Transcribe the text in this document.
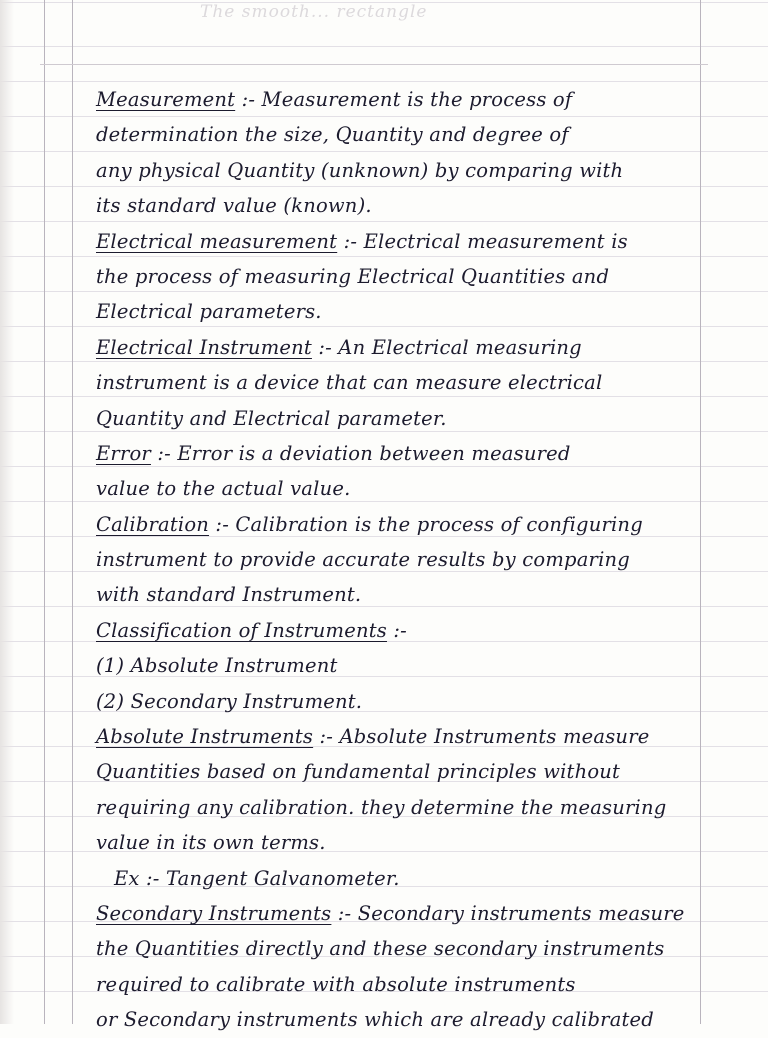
The smooth... rectangle
Measurement :- Measurement is the process of
determination the size, Quantity and degree of
any physical Quantity (unknown) by comparing with
its standard value (known).
Electrical measurement :- Electrical measurement is
the process of measuring Electrical Quantities and
Electrical parameters.
Electrical Instrument :- An Electrical measuring
instrument is a device that can measure electrical
Quantity and Electrical parameter.
Error :- Error is a deviation between measured
value to the actual value.
Calibration :- Calibration is the process of configuring
instrument to provide accurate results by comparing
with standard Instrument.
Classification of Instruments :-
(1) Absolute Instrument
(2) Secondary Instrument.
Absolute Instruments :- Absolute Instruments measure
Quantities based on fundamental principles without
requiring any calibration. they determine the measuring
value in its own terms.
Ex :- Tangent Galvanometer.
Secondary Instruments :- Secondary instruments measure
the Quantities directly and these secondary instruments
required to calibrate with absolute instruments
or Secondary instruments which are already calibrated
